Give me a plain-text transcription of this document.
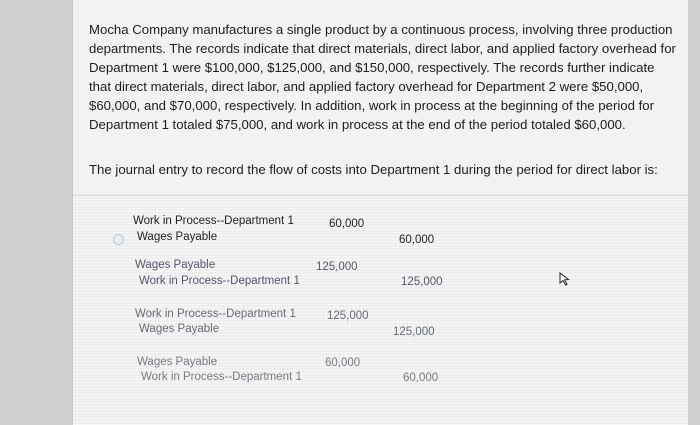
Mocha Company manufactures a single product by a continuous process, involving three production departments. The records indicate that direct materials, direct labor, and applied factory overhead for Department 1 were $100,000, $125,000, and $150,000, respectively. The records further indicate that direct materials, direct labor, and applied factory overhead for Department 2 were $50,000, $60,000, and $70,000, respectively. In addition, work in process at the beginning of the period for Department 1 totaled $75,000, and work in process at the end of the period totaled $60,000.

The journal entry to record the flow of costs into Department 1 during the period for direct labor is:

Work in Process--Department 1
Wages Payable
60,000
60,000
Wages Payable
Work in Process--Department 1
125,000
125,000
Work in Process--Department 1
Wages Payable
125,000
125,000
Wages Payable
Work in Process--Department 1
60,000
60,000
